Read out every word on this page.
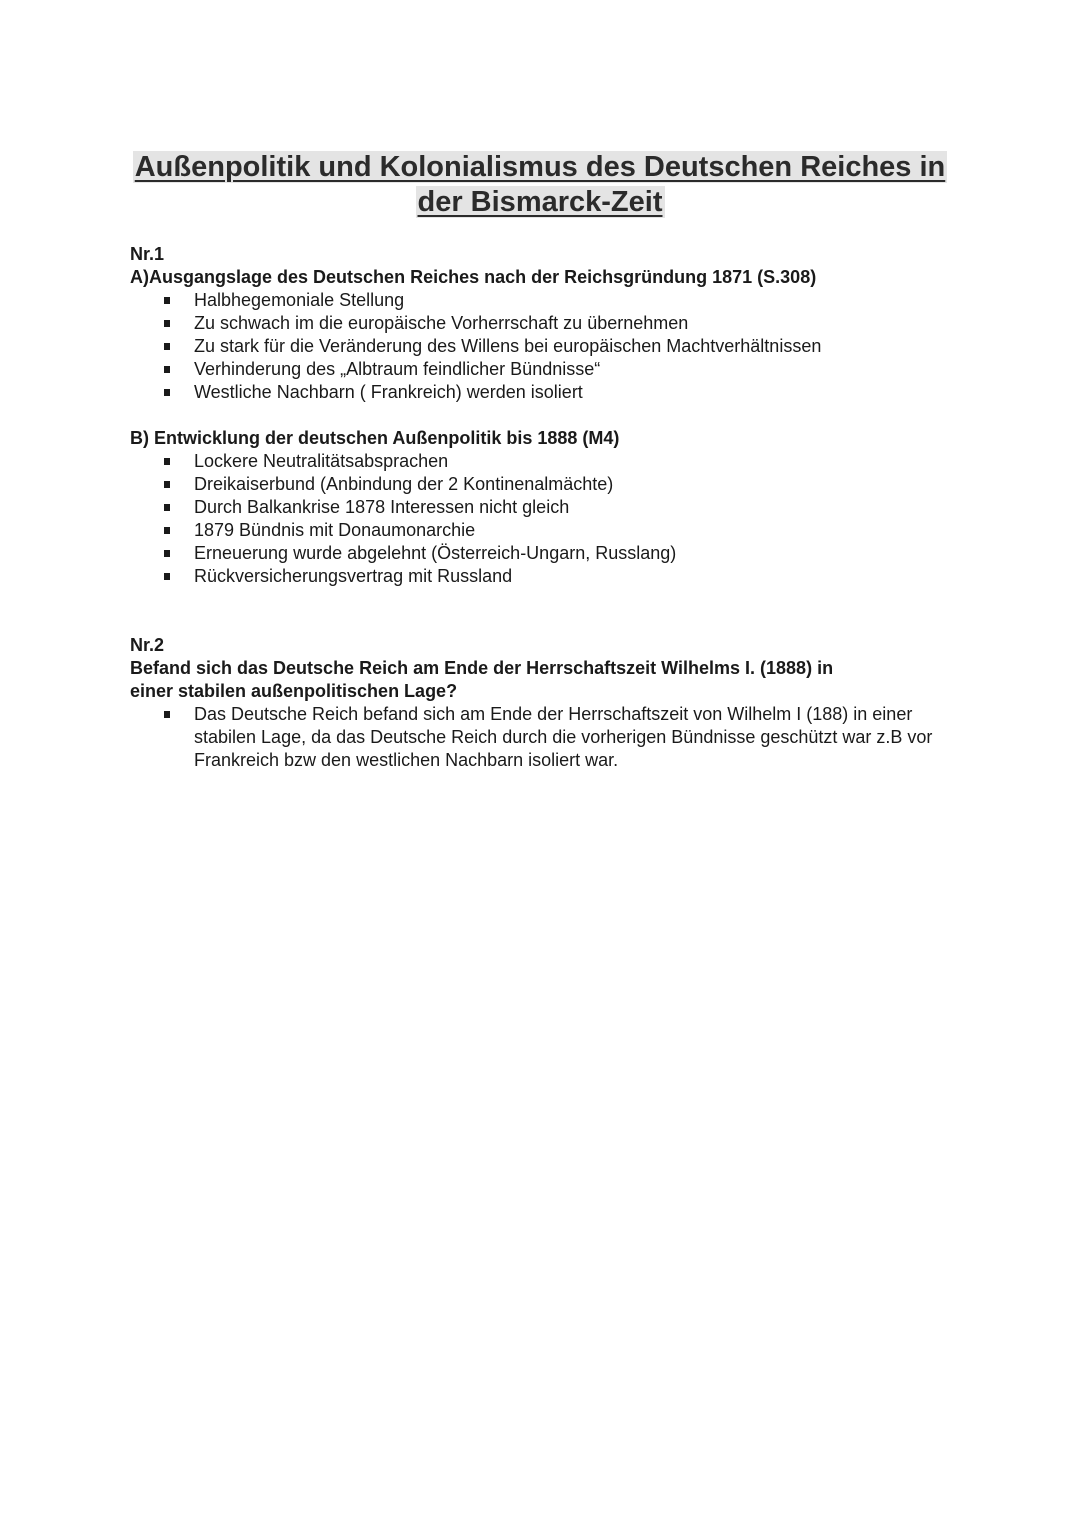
Außenpolitik und Kolonialismus des Deutschen Reiches in
der Bismarck-Zeit

Nr.1

A)Ausgangslage des Deutschen Reiches nach der Reichsgründung 1871 (S.308)

Halbhegemoniale Stellung
Zu schwach im die europäische Vorherrschaft zu übernehmen
Zu stark für die Veränderung des Willens bei europäischen Machtverhältnissen
Verhinderung des „Albtraum feindlicher Bündnisse“
Westliche Nachbarn ( Frankreich) werden isoliert

B) Entwicklung der deutschen Außenpolitik bis 1888 (M4)

Lockere Neutralitätsabsprachen
Dreikaiserbund (Anbindung der 2 Kontinenalmächte)
Durch Balkankrise 1878 Interessen nicht gleich
1879 Bündnis mit Donaumonarchie
Erneuerung wurde abgelehnt (Österreich-Ungarn, Russlang)
Rückversicherungsvertrag mit Russland

Nr.2

Befand sich das Deutsche Reich am Ende der Herrschaftszeit Wilhelms I. (1888) in
einer stabilen außenpolitischen Lage?

Das Deutsche Reich befand sich am Ende der Herrschaftszeit von Wilhelm I (188) in einer stabilen Lage, da das Deutsche Reich durch die vorherigen Bündnisse geschützt war z.B vor Frankreich bzw den westlichen Nachbarn isoliert war.
